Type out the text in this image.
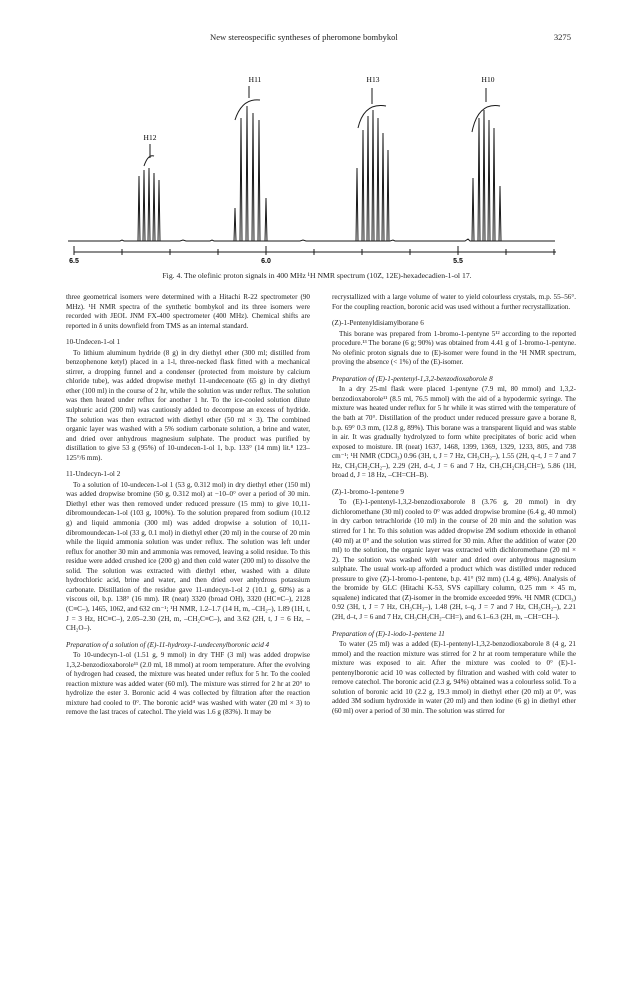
New stereospecific syntheses of pheromone bombykol	3275
H12
H11	H13	H10
6.5	6.0	5.5
Fig. 4. The olefinic proton signals in 400 MHz ¹H NMR spectrum (10Z, 12E)-hexadecadien-1-ol 17.

three geometrical isomers were determined with a Hitachi R-22 spectrometer (90 MHz). ¹H NMR spectra of the synthetic bombykol and its three isomers were recorded with JEOL JNM FX-400 spectrometer (400 MHz). Chemical shifts are reported in δ units downfield from TMS as an internal standard.

10-Undecen-1-ol 1

To lithium aluminum hydride (8 g) in dry diethyl ether (300 ml; distilled from benzophenone ketyl) placed in a 1-l, three-necked flask fitted with a mechanical stirrer, a dropping funnel and a condenser (protected from moisture by calcium chloride tube), was added dropwise methyl 11-undecenoate (65 g) in dry diethyl ether (100 ml) in the course of 2 hr, while the solution was under reflux. The solution was then heated under reflux for another 1 hr. To the ice-cooled solution dilute sulphuric acid (200 ml) was cautiously added to decompose an excess of hydride. The solution was then extracted with diethyl ether (50 ml × 3). The combined organic layer was washed with a 5% sodium carbonate solution, a brine and water, and dried over anhydrous magnesium sulphate. The product was purified by distillation to give 53 g (95%) of 10-undecen-1-ol 1, b.p. 133° (14 mm) lit.⁸ 123–125°/6 mm).

11-Undecyn-1-ol 2

To a solution of 10-undecen-1-ol 1 (53 g, 0.312 mol) in dry diethyl ether (150 ml) was added dropwise bromine (50 g, 0.312 mol) at −10–0° over a period of 30 min. Diethyl ether was then removed under reduced pressure (15 mm) to give 10,11-dibromoundecan-1-ol (103 g, 100%). To the solution prepared from sodium (10.12 g) and liquid ammonia (300 ml) was added dropwise a solution of 10,11-dibromoundecan-1-ol (33 g, 0.1 mol) in diethyl ether (20 ml) in the course of 20 min while the liquid ammonia solution was under reflux. The solution was left under reflux for another 30 min and ammonia was removed, leaving a solid residue. To this residue were added crushed ice (200 g) and then cold water (200 ml) to dissolve the solid. The solution was extracted with diethyl ether, washed with a dilute hydrochloric acid, brine and water, and then dried over anhydrous potassium carbonate. Distillation of the residue gave 11-undecyn-1-ol 2 (10.1 g, 60%) as a viscous oil, b.p. 138° (16 mm). IR (neat) 3320 (broad OH), 3320 (HC≡C–), 2128 (C≡C–), 1465, 1062, and 632 cm⁻¹; ¹H NMR, 1.2–1.7 (14 H, m, –CH₂–), 1.89 (1H, t, J = 3 Hz, HC≡C–), 2.05–2.30 (2H, m, –CH₂C≡C–), and 3.62 (2H, t, J = 6 Hz, –CH₂O–).

Preparation of a solution of (E)-11-hydroxy-1-undecenylboronic acid 4

To 10-undecyn-1-ol (1.51 g, 9 mmol) in dry THF (3 ml) was added dropwise 1,3,2-benzodioxaborole¹¹ (2.0 ml, 18 mmol) at room temperature. After the evolving of hydrogen had ceased, the mixture was heated under reflux for 5 hr. To the cooled reaction mixture was added water (60 ml). The mixture was stirred for 2 hr at 20° to hydrolize the ester 3. Boronic acid 4 was collected by filtration after the reaction mixture had cooled to 0°. The boronic acid⁴ was washed with water (20 ml × 3) to remove the last traces of catechol. The yield was 1.6 g (83%). It may be

recrystallized with a large volume of water to yield colourless crystals, m.p. 55–56°. For the coupling reaction, boronic acid was used without a further recrystallization.

(Z)-1-Pentenyldisiamylborane 6

This borane was prepared from 1-bromo-1-pentyne 5¹² according to the reported procedure.¹³ The borane (6 g; 90%) was obtained from 4.41 g of 1-bromo-1-pentyne. No olefinic proton signals due to (E)-isomer were found in the ¹H NMR spectrum, proving the absence (< 1%) of the (E)-isomer.

Preparation of (E)-1-pentenyl-1,3,2-benzodioxaborole 8

In a dry 25-ml flask were placed 1-pentyne (7.9 ml, 80 mmol) and 1,3,2-benzodioxaborole¹¹ (8.5 ml, 76.5 mmol) with the aid of a hypodermic syringe. The mixture was heated under reflux for 5 hr while it was stirred with the temperature of the bath at 70°. Distillation of the product under reduced pressure gave a borane 8, b.p. 69° 0.3 mm, (12.8 g, 89%). This borane was a transparent liquid and was stable in air. It was gradually hydrolyzed to form white precipitates of boric acid when exposed to moisture. IR (neat) 1637, 1468, 1399, 1369, 1329, 1233, 805, and 738 cm⁻¹; ¹H NMR (CDCl₃) 0.96 (3H, t, J = 7 Hz, CH₃CH₂–), 1.55 (2H, q–t, J = 7 and 7 Hz, CH₃CH₂CH₂–), 2.29 (2H, d–t, J = 6 and 7 Hz, CH₃CH₂CH₂CH=), 5.86 (1H, broad d, J = 18 Hz, –CH=CH–B).

(Z)-1-bromo-1-pentene 9

To (E)-1-pentenyl-1,3,2-benzodioxaborole 8 (3.76 g, 20 mmol) in dry dichloromethane (30 ml) cooled to 0° was added dropwise bromine (6.4 g, 40 mmol) in dry carbon tetrachloride (10 ml) in the course of 20 min and the solution was stirred for 1 hr. To this solution was added dropwise 2M sodium ethoxide in ethanol (40 ml) at 0° and the solution was stirred for 30 min. After the addition of water (20 ml) to the solution, the organic layer was extracted with dichloromethane (20 ml × 2). The solution was washed with water and dried over anhydrous magnesium sulphate. The usual work-up afforded a product which was distilled under reduced pressure to give (Z)-1-bromo-1-pentene, b.p. 41° (92 mm) (1.4 g, 48%). Analysis of the bromide by GLC (Hitachi K-53, SVS capillary column, 0.25 mm × 45 m, squalene) indicated that (Z)-isomer in the bromide exceeded 99%. ¹H NMR (CDCl₃) 0.92 (3H, t, J = 7 Hz, CH₃CH₂–), 1.48 (2H, t–q, J = 7 and 7 Hz, CH₃CH₂–), 2.21 (2H, d–t, J = 6 and 7 Hz, CH₃CH₂CH₂–CH=), and 6.1–6.3 (2H, m, –CH=CH–).

Preparation of (E)-1-iodo-1-pentene 11

To water (25 ml) was a added (E)-1-pentenyl-1,3,2-benzodioxaborole 8 (4 g, 21 mmol) and the reaction mixture was stirred for 2 hr at room temperature while the mixture was exposed to air. After the mixture was cooled to 0° (E)-1-pentenylboronic acid 10 was collected by filtration and washed with cold water to remove catechol. The boronic acid (2.3 g, 94%) obtained was a colourless solid. To a solution of boronic acid 10 (2.2 g, 19.3 mmol) in diethyl ether (20 ml) at 0°, was added 3M sodium hydroxide in water (20 ml) and then iodine (6 g) in diethyl ether (60 ml) over a period of 30 min. The solution was stirred for
